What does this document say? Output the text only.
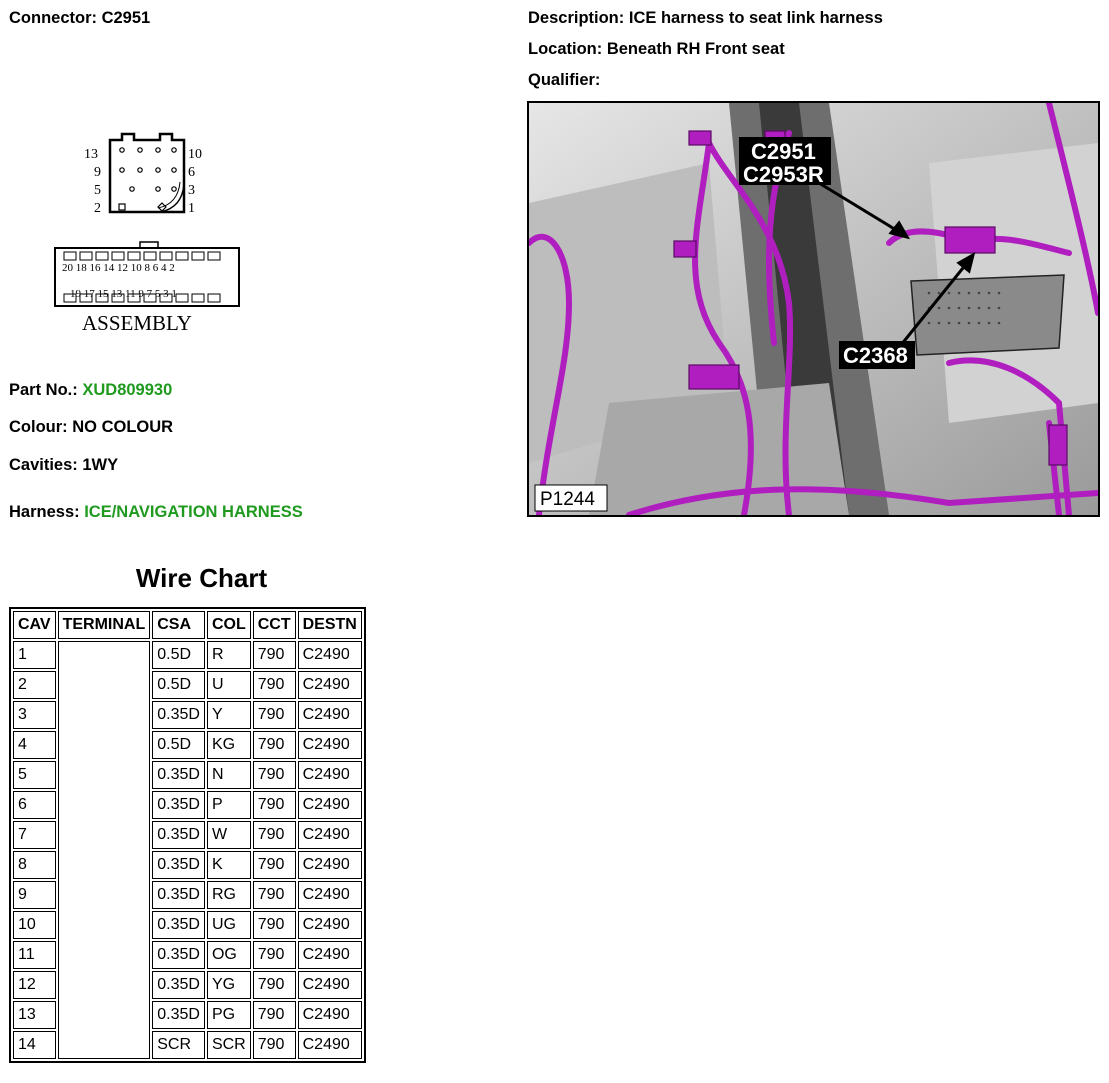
Connector: C2951	Description: ICE harness to seat link harness
Location: Beneath RH Front seat
Qualifier:
13
9
5
2
10
6
3
1
20 18 16 14 12 10 8 6 4 2
19 17 15 13 11 9 7 5 3 1
ASSEMBLY
C2951
C2953R
C2368
P1244
Part No.: XUD809930
Colour: NO COLOUR
Cavities: 1WY
Harness: ICE/NAVIGATION HARNESS
Wire Chart
CAV	TERMINAL	CSA	COL	CCT	DESTN
1		0.5D	R	790	C2490
2		0.5D	U	790	C2490
3		0.35D	Y	790	C2490
4		0.5D	KG	790	C2490
5		0.35D	N	790	C2490
6		0.35D	P	790	C2490
7		0.35D	W	790	C2490
8		0.35D	K	790	C2490
9		0.35D	RG	790	C2490
10		0.35D	UG	790	C2490
11		0.35D	OG	790	C2490
12		0.35D	YG	790	C2490
13		0.35D	PG	790	C2490
14		SCR	SCR	790	C2490
